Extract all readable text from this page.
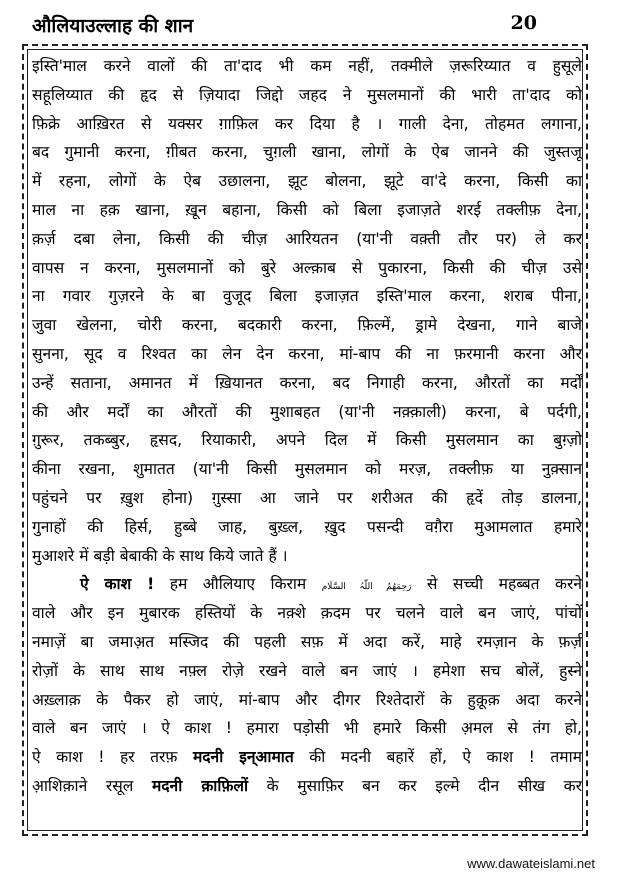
औलियाउल्लाह की शान	20
इस्ति'माल करने वालों की ता'दाद भी कम नहीं, तक्मीले ज़रूरिय्यात व हुसूले
सहूलिय्यात की हृद से ज़ियादा जिद्दो जहद ने मुसलमानों की भारी ता'दाद को
फ़िक्रे आख़िरत से यक्सर ग़ाफ़िल कर दिया है । गाली देना, तोहमत लगाना,
बद गुमानी करना, ग़ीबत करना, चुग़ली खाना, लोगों के ऐब जानने की जुस्तजू
में रहना, लोगों के ऐब उछालना, झूट बोलना, झूटे वा'दे करना, किसी का
माल ना हक़ खाना, ख़ून बहाना, किसी को बिला इजाज़ते शरई तक्लीफ़ देना,
क़र्ज़ दबा लेना, किसी की चीज़ आरियतन (या'नी वक़्ती तौर पर) ले कर
वापस न करना, मुसलमानों को बुरे अल्क़ाब से पुकारना, किसी की चीज़ उसे
ना गवार गुज़रने के बा वुजूद बिला इजाज़त इस्ति'माल करना, शराब पीना,
जुवा खेलना, चोरी करना, बदकारी करना, फ़िल्में, ड्रामे देखना, गाने बाजे
सुनना, सूद व रिश्वत का लेन देन करना, मां-बाप की ना फ़रमानी करना और
उन्हें सताना, अमानत में ख़ियानत करना, बद निगाही करना, औरतों का मर्दों
की और मर्दों का औरतों की मुशाबहत (या'नी नक़्क़ाली) करना, बे पर्दगी,
ग़ुरूर, तकब्बुर, हृसद, रियाकारी, अपने दिल में किसी मुसलमान का बुग़्ज़ो
कीना रखना, शुमातत (या'नी किसी मुसलमान को मरज़, तक्लीफ़ या नुक़्सान
पहुंचने पर ख़ुश होना) ग़ुस्सा आ जाने पर शरीअत की हृदें तोड़ डालना,
गुनाहों की हिर्स, हुब्बे जाह, बुख़्ल, ख़ुद पसन्दी वग़ैरा मुआमलात हमारे
मुआशरे में बड़ी बेबाकी के साथ किये जाते हैं ।
ऐ काश ! हम औलियाए किराम رَحِمَهُمُ اللّٰہُ السَّلَام से सच्ची महब्बत करने
वाले और इन मुबारक हस्तियों के नक़्शे क़दम पर चलने वाले बन जाएं, पांचों
नमाज़ें बा जमाअ़त मस्जिद की पहली सफ़ में अदा करें, माहे रमज़ान के फ़र्ज़
रोज़ों के साथ साथ नफ़्ल रोज़े रखने वाले बन जाएं । हमेशा सच बोलें, हुस्ने
अख़्लाक़ के पैकर हो जाएं, मां-बाप और दीगर रिश्तेदारों के हुक़ूक़ अदा करने
वाले बन जाएं । ऐ काश ! हमारा पड़ोसी भी हमारे किसी अ़मल से तंग हो,
ऐ काश ! हर तरफ़ मदनी इन्आमात की मदनी बहारें हों, ऐ काश ! तमाम
आ़शिक़ाने रसूल मदनी क़ाफ़िलों के मुसाफ़िर बन कर इल्मे दीन सीख कर
www.dawateislami.net
